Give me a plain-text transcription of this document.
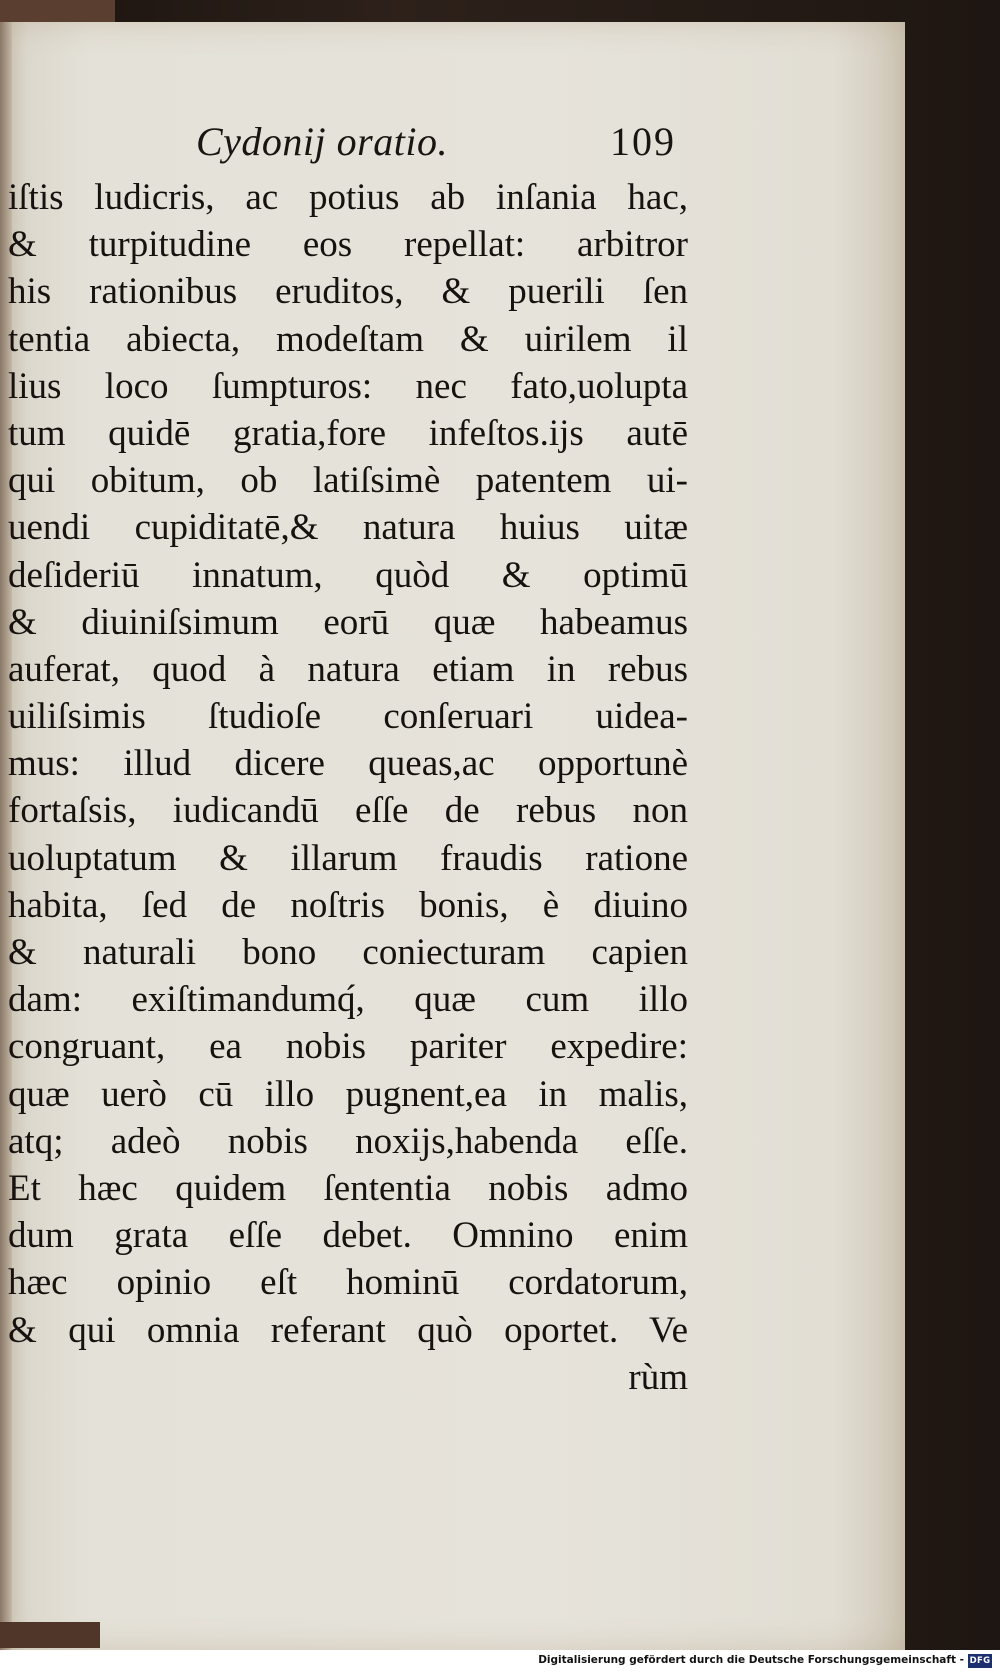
Cydonij oratio.	109
iſtis ludicris, ac potius ab inſania hac,
& turpitudine eos repellat: arbitror
his rationibus eruditos, & puerili ſen
tentia abiecta, modeſtam & uirilem il
lius loco ſumpturos: nec fato,uolupta
tum quidē gratia,fore infeſtos.ijs autē
qui obitum, ob latiſsimè patentem ui-
uendi cupiditatē,& natura huius uitæ
deſideriū innatum, quòd & optimū
& diuiniſsimum eorū quæ habeamus
auferat, quod à natura etiam in rebus
uiliſsimis ſtudioſe conſeruari uidea-
mus: illud dicere queas,ac opportunè
fortaſsis, iudicandū eſſe de rebus non
uoluptatum & illarum fraudis ratione
habita, ſed de noſtris bonis, è diuino
& naturali bono coniecturam capien
dam: exiſtimandumq́, quæ cum illo
congruant, ea nobis pariter expedire:
quæ uerò cū illo pugnent,ea in malis,
atq; adeò nobis noxijs,habenda eſſe.
Et hæc quidem ſententia nobis admo
dum grata eſſe debet. Omnino enim
hæc opinio eſt hominū cordatorum,
& qui omnia referant quò oportet. Ve
rùm
Digitalisierung gefördert durch die Deutsche Forschungsgemeinschaft - DFG
